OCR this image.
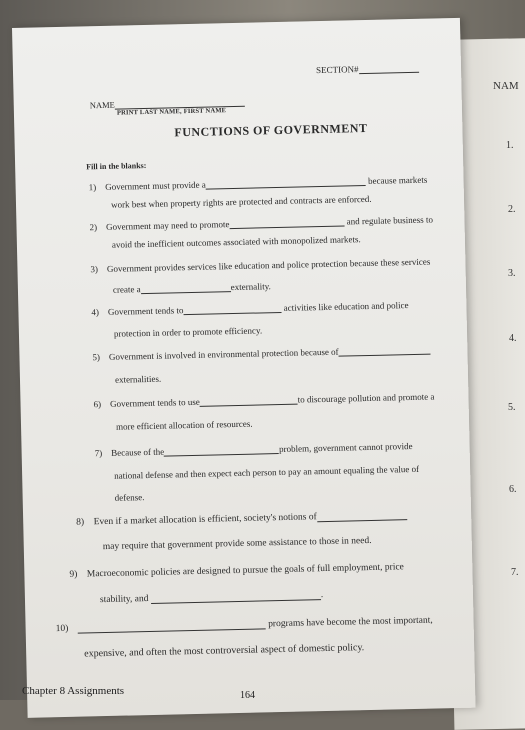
NAM
1.
2.
3.
4.
5.
6.
7.
SECTION#
NAME
PRINT LAST NAME, FIRST NAME
FUNCTIONS OF GOVERNMENT
Fill in the blanks:
1) Government must provide a	because markets
work best when property rights are protected and contracts are enforced.
2) Government may need to promote	and regulate business to
avoid the inefficient outcomes associated with monopolized markets.
3) Government provides services like education and police protection because these services
create a	externality.
4) Government tends to	activities like education and police
protection in order to promote efficiency.
5) Government is involved in environmental protection because of
externalities.
6) Government tends to use	to discourage pollution and promote a
more efficient allocation of resources.
7) Because of the	problem, government cannot provide
national defense and then expect each person to pay an amount equaling the value of
defense.
8) Even if a market allocation is efficient, society's notions of
may require that government provide some assistance to those in need.
9) Macroeconomic policies are designed to pursue the goals of full employment, price
stability, and	.
10)	programs have become the most important,
expensive, and often the most controversial aspect of domestic policy.
Chapter 8 Assignments	164
